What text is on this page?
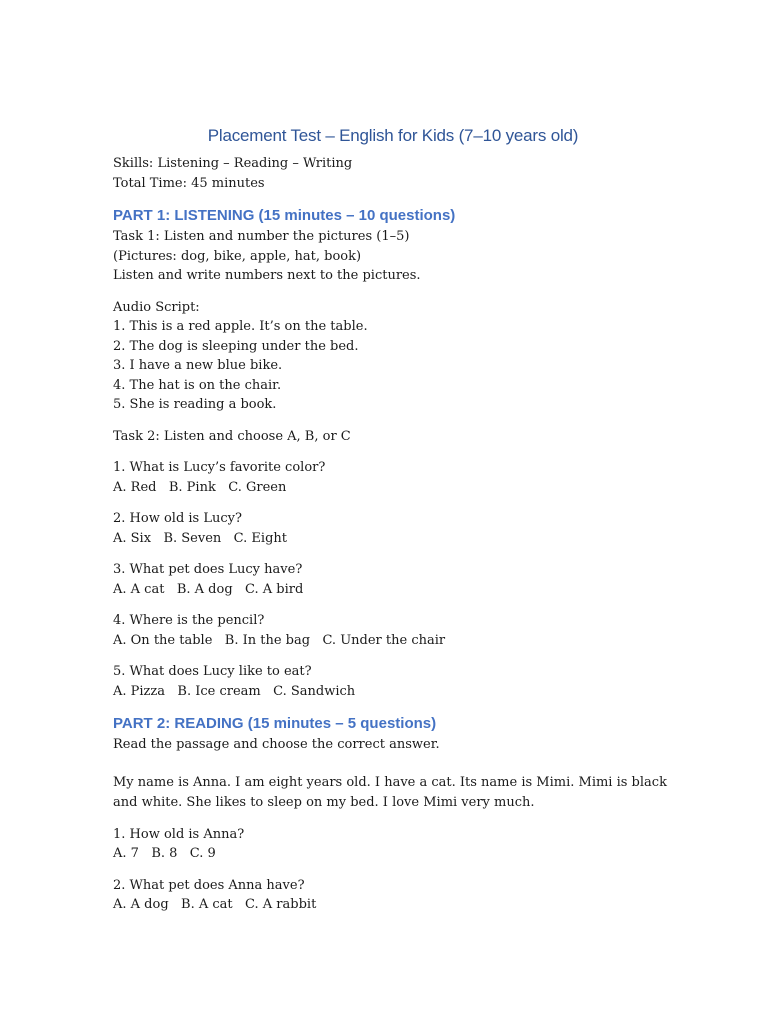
Placement Test – English for Kids (7–10 years old)
Skills: Listening – Reading – Writing
Total Time: 45 minutes
PART 1: LISTENING (15 minutes – 10 questions)
Task 1: Listen and number the pictures (1–5)
(Pictures: dog, bike, apple, hat, book)
Listen and write numbers next to the pictures.
Audio Script:
1. This is a red apple. It’s on the table.
2. The dog is sleeping under the bed.
3. I have a new blue bike.
4. The hat is on the chair.
5. She is reading a book.
Task 2: Listen and choose A, B, or C
1. What is Lucy’s favorite color?
A. Red   B. Pink   C. Green
2. How old is Lucy?
A. Six   B. Seven   C. Eight
3. What pet does Lucy have?
A. A cat   B. A dog   C. A bird
4. Where is the pencil?
A. On the table   B. In the bag   C. Under the chair
5. What does Lucy like to eat?
A. Pizza   B. Ice cream   C. Sandwich
PART 2: READING (15 minutes – 5 questions)
Read the passage and choose the correct answer.
My name is Anna. I am eight years old. I have a cat. Its name is Mimi. Mimi is black and white. She likes to sleep on my bed. I love Mimi very much.
1. How old is Anna?
A. 7   B. 8   C. 9
2. What pet does Anna have?
A. A dog   B. A cat   C. A rabbit
